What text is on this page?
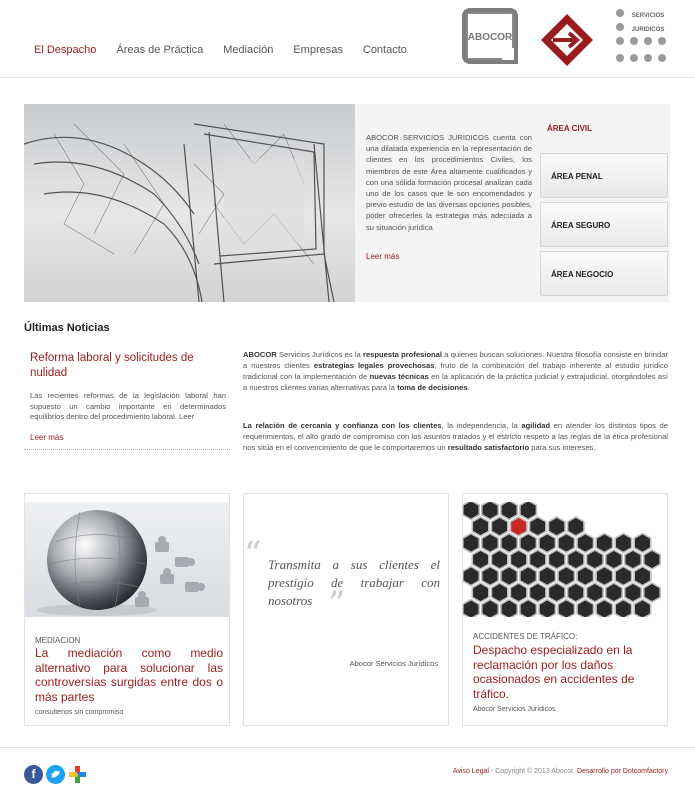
El Despacho Áreas de Práctica Mediación Empresas Contacto
ABOCOR
SERVICIOS
JURIDICOS

ABOCOR SERVICIOS JURIDICOS cuenta con una dilatada experiencia en la representación de clientes en los procedimientos Civiles, los miembros de este Área altamente cualificados y con una sólida formación procesal analizan cada uno de los casos que le son encomendados y previo estudio de las diversas opciones posibles, poder ofrecerles la estrategia más adecuada a su situación jurídica

Leer más
ÁREA CIVIL
ÁREA PENAL
ÁREA SEGURO
ÁREA NEGOCIO
Últimas Noticias
Reforma laboral y solicitudes de nulidad

Las recientes reformas de la legislación laboral han supuesto un cambio importante en determinados equilibrios dentro del procedimiento laboral. Leer

Leer más

ABOCOR Servicios Jurídicos es la respuesta profesional a quienes buscan soluciones. Nuestra filosofía consiste en brindar a nuestros clientes estrategias legales provechosas, fruto de la combinación del trabajo inherente al estudio jurídico tradicional con la implementación de nuevas técnicas en la aplicación de la práctica judicial y extrajudicial, otorgándoles así a nuestros clientes varias alternativas para la toma de decisiones.

La relación de cercanía y confianza con los clientes, la independencia, la agilidad en atender los distintos tipos de requerimientos, el alto grado de compromiso con los asuntos tratados y el estricto respeto a las reglas de la ética profesional nos sitúa en el convencimiento de que le comportaremos un resultado satisfactorio para sus intereses.

MEDIACION

La mediación como medio alternativo para solucionar las controversias surgidas entre dos o más partes

consultenos sin compromiso
“ Transmita a sus clientes el prestigio de trabajar con nosotros ”
Abocor Servicios Jurídicos
ACCIDENTES DE TRÁFICO:

Despacho especializado en la reclamación por los daños ocasionados en accidentes de tráfico.

Abocor Servicios Jurídicos
f	Aviso Legal - Copyright © 2013 Abocor. Desarrollo por Dotcomfactory
